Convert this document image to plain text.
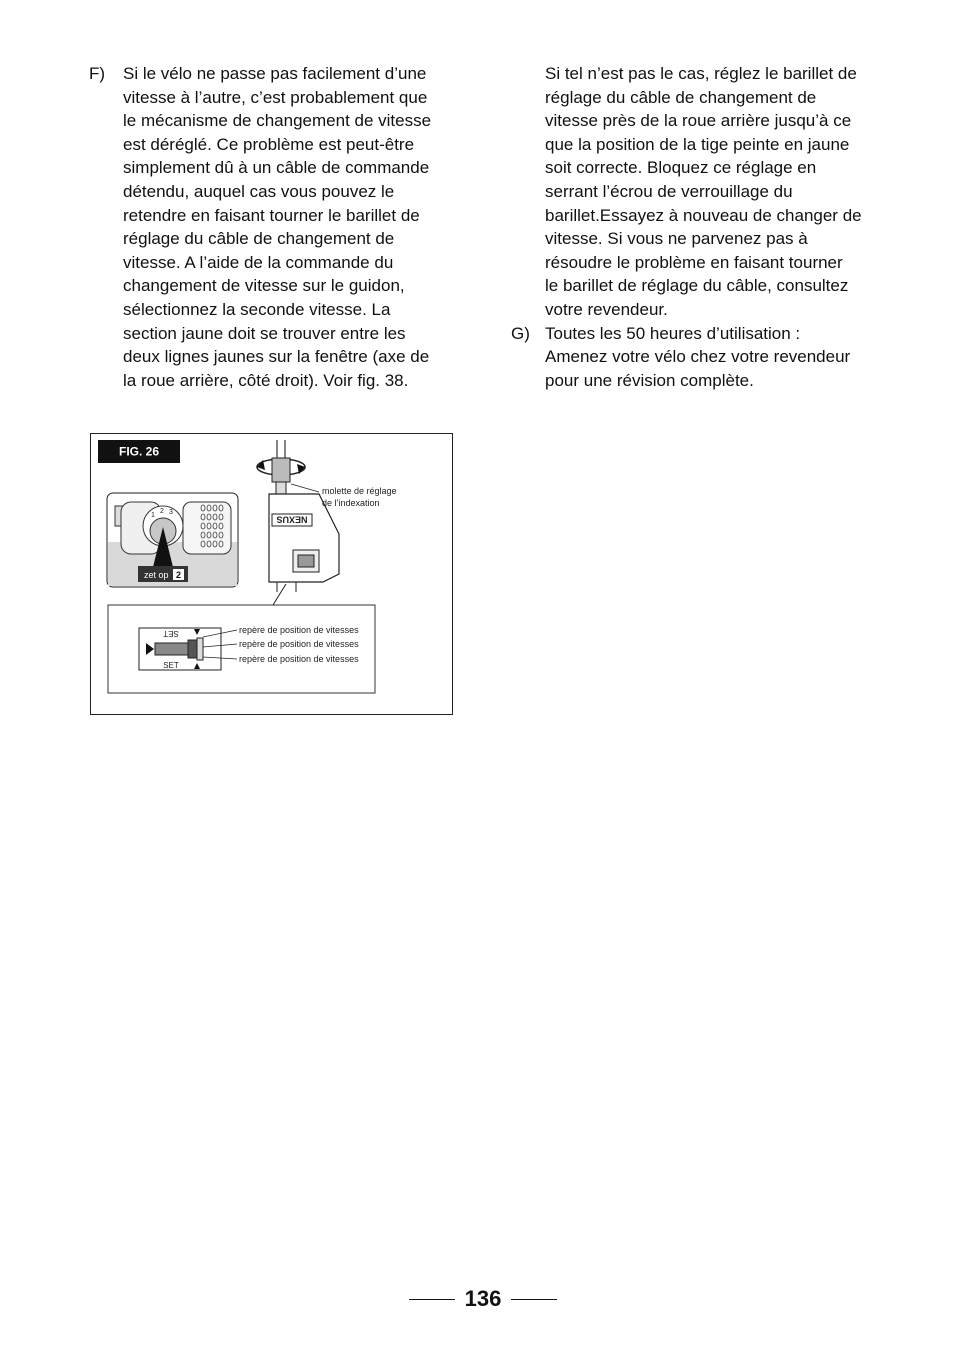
F) Si le vélo ne passe pas facilement d’une
vitesse à l’autre, c’est probablement que
le mécanisme de changement de vitesse
est déréglé. Ce problème est peut-être
simplement dû à un câble de commande
détendu, auquel cas vous pouvez le
retendre en faisant tourner le barillet de
réglage du câble de changement de
vitesse. A l’aide de la commande du
changement de vitesse sur le guidon,
sélectionnez la seconde vitesse. La
section jaune doit se trouver entre les
deux lignes jaunes sur la fenêtre (axe de
la roue arrière, côté droit). Voir fig. 38.
Si tel n’est pas le cas, réglez le barillet de
réglage du câble de changement de
vitesse près de la roue arrière jusqu’à ce
que la position de la tige peinte en jaune
soit correcte. Bloquez ce réglage en
serrant l’écrou de verrouillage du
barillet.Essayez à nouveau de changer de
vitesse. Si vous ne parvenez pas à
résoudre le problème en faisant tourner
le barillet de réglage du câble, consultez
votre revendeur.
G) Toutes les 50 heures d’utilisation :
Amenez votre vélo chez votre revendeur
pour une révision complète.
FIG. 26
1
2 3
zet op 2
NEXUS
molette de réglage
de l’indexation
SET
SET
repère de position de vitesses
repère de position de vitesses
repère de position de vitesses
136
